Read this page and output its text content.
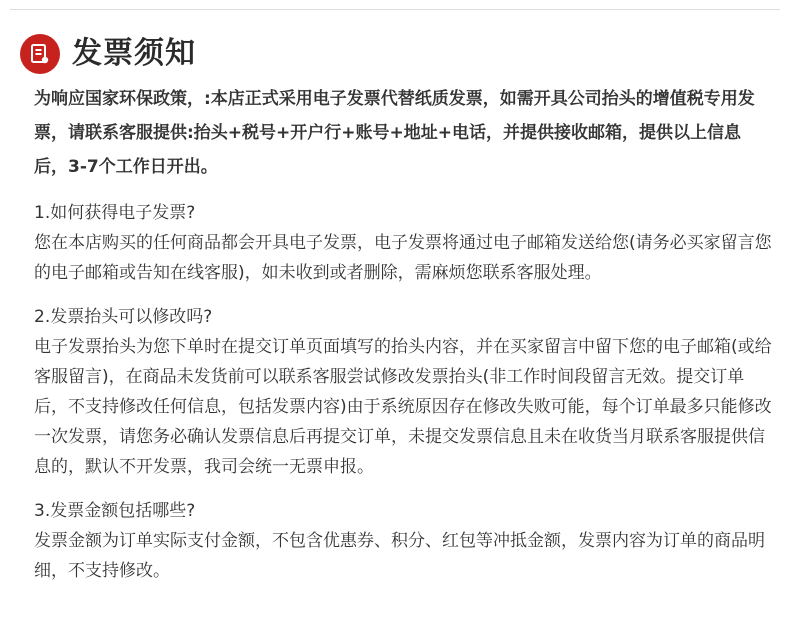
发票须知

为响应国家环保政策，:本店正式采用电子发票代替纸质发票，如需开具公司抬头的增值税专用发票，请联系客服提供:抬头+税号+开户行+账号+地址+电话，并提供接收邮箱，提供以上信息后，3-7个工作日开出。

1.如何获得电子发票?

您在本店购买的任何商品都会开具电子发票，电子发票将通过电子邮箱发送给您(请务必买家留言您的电子邮箱或告知在线客服)，如未收到或者删除，需麻烦您联系客服处理。

2.发票抬头可以修改吗?

电子发票抬头为您下单时在提交订单页面填写的抬头内容，并在买家留言中留下您的电子邮箱(或给客服留言)，在商品未发货前可以联系客服尝试修改发票抬头(非工作时间段留言无效。提交订单后，不支持修改任何信息，包括发票内容)由于系统原因存在修改失败可能，每个订单最多只能修改一次发票，请您务必确认发票信息后再提交订单，未提交发票信息且未在收货当月联系客服提供信息的，默认不开发票，我司会统一无票申报。

3.发票金额包括哪些?

发票金额为订单实际支付金额，不包含优惠券、积分、红包等冲抵金额，发票内容为订单的商品明细，不支持修改。
